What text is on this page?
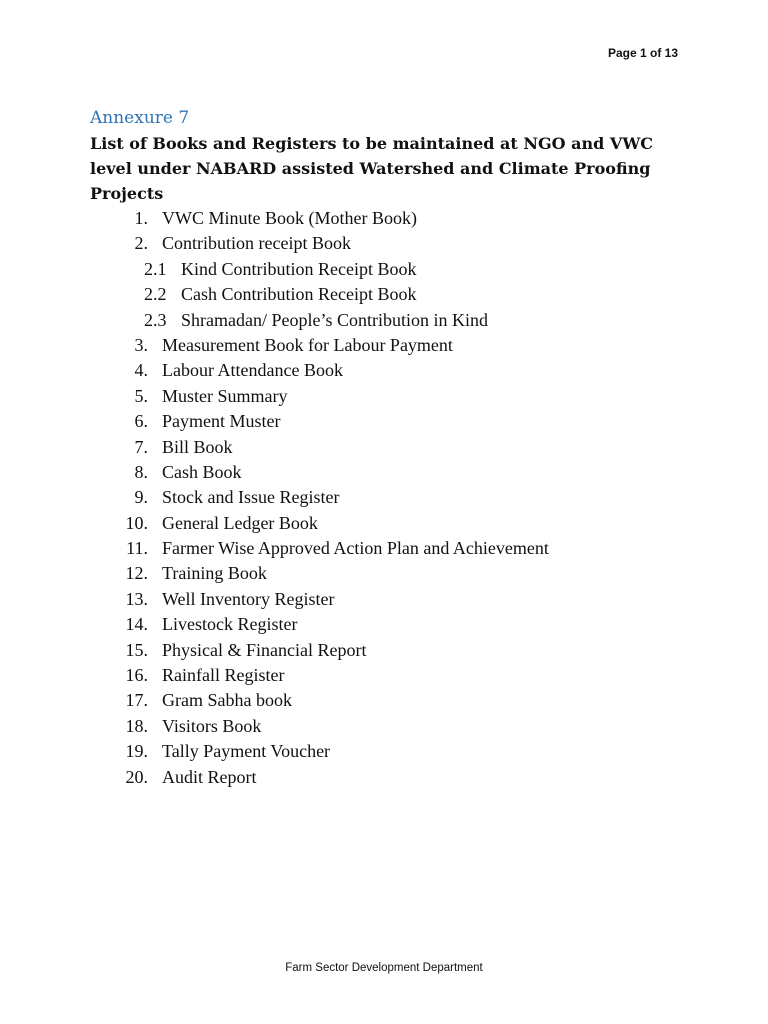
Page 1 of 13
Annexure 7
List of Books and Registers to be maintained at NGO and VWC
level under NABARD assisted Watershed and Climate Proofing
Projects
1. VWC Minute Book (Mother Book)
2. Contribution receipt Book
2.1 Kind Contribution Receipt Book
2.2 Cash Contribution Receipt Book
2.3 Shramadan/ People’s Contribution in Kind
3. Measurement Book for Labour Payment
4. Labour Attendance Book
5. Muster Summary
6. Payment Muster
7. Bill Book
8. Cash Book
9. Stock and Issue Register
10. General Ledger Book
11. Farmer Wise Approved Action Plan and Achievement
12. Training Book
13. Well Inventory Register
14. Livestock Register
15. Physical & Financial Report
16. Rainfall Register
17. Gram Sabha book
18. Visitors Book
19. Tally Payment Voucher
20. Audit Report
Farm Sector Development Department
